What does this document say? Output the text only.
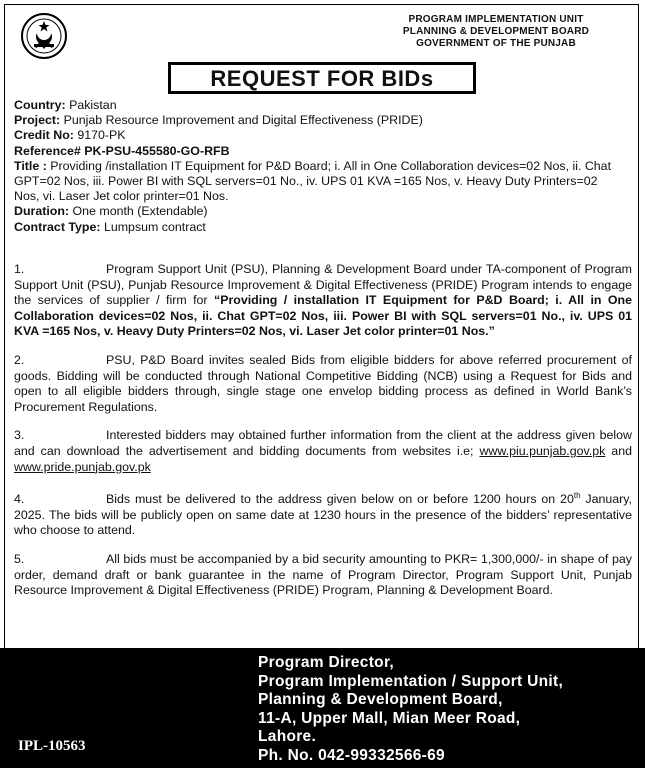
PROGRAM IMPLEMENTATION UNIT
PLANNING & DEVELOPMENT BOARD
GOVERNMENT OF THE PUNJAB
REQUEST FOR BIDs
Country: Pakistan
Project: Punjab Resource Improvement and Digital Effectiveness (PRIDE)
Credit No: 9170-PK
Reference# PK-PSU-455580-GO-RFB
Title : Providing /installation IT Equipment for P&D Board; i. All in One Collaboration devices=02 Nos, ii. Chat GPT=02 Nos, iii. Power BI with SQL servers=01 No., iv. UPS 01 KVA =165 Nos, v. Heavy Duty Printers=02 Nos, vi. Laser Jet color printer=01 Nos.
Duration: One month (Extendable)
Contract Type: Lumpsum contract
1.	Program Support Unit (PSU), Planning & Development Board under TA-component of Program Support Unit (PSU), Punjab Resource Improvement & Digital Effectiveness (PRIDE) Program intends to engage the services of supplier / firm for “Providing / installation IT Equipment for P&D Board; i. All in One Collaboration devices=02 Nos, ii. Chat GPT=02 Nos, iii. Power BI with SQL servers=01 No., iv. UPS 01 KVA =165 Nos, v. Heavy Duty Printers=02 Nos, vi. Laser Jet color printer=01 Nos.”
2.	PSU, P&D Board invites sealed Bids from eligible bidders for above referred procurement of goods. Bidding will be conducted through National Competitive Bidding (NCB) using a Request for Bids and open to all eligible bidders through, single stage one envelop bidding process as defined in World Bank’s Procurement Regulations.
3.	Interested bidders may obtained further information from the client at the address given below and can download the advertisement and bidding documents from websites i.e; www.piu.punjab.gov.pk and www.pride.punjab.gov.pk
4.	Bids must be delivered to the address given below on or before 1200 hours on 20th January, 2025. The bids will be publicly open on same date at 1230 hours in the presence of the bidders’ representative who choose to attend.
5.	All bids must be accompanied by a bid security amounting to PKR= 1,300,000/- in shape of pay order, demand draft or bank guarantee in the name of Program Director, Program Support Unit, Punjab Resource Improvement & Digital Effectiveness (PRIDE) Program, Planning & Development Board.
Program Director,
Program Implementation / Support Unit,
Planning & Development Board,
11-A, Upper Mall, Mian Meer Road,
Lahore.
Ph. No. 042-99332566-69
IPL-10563
